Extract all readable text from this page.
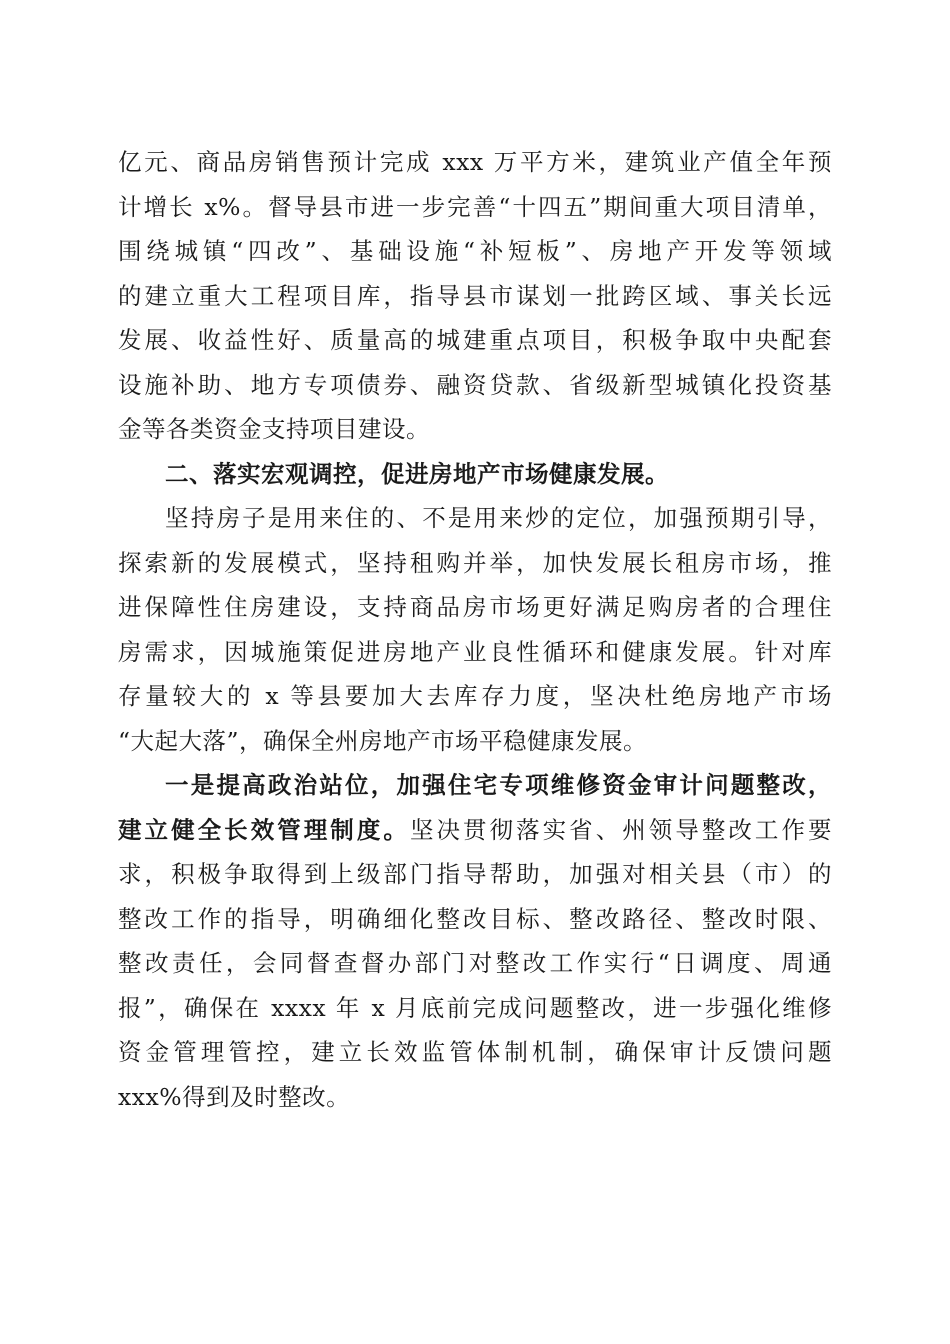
亿元、商品房销售预计完成 xxx 万平方米，建筑业产值全年预
计增长 x%。督导县市进一步完善“十四五”期间重大项目清单，
围绕城镇“四改”、基础设施“补短板”、房地产开发等领域
的建立重大工程项目库，指导县市谋划一批跨区域、事关长远
发展、收益性好、质量高的城建重点项目，积极争取中央配套
设施补助、地方专项债券、融资贷款、省级新型城镇化投资基
金等各类资金支持项目建设。
二、落实宏观调控，促进房地产市场健康发展。
坚持房子是用来住的、不是用来炒的定位，加强预期引导，
探索新的发展模式，坚持租购并举，加快发展长租房市场，推
进保障性住房建设，支持商品房市场更好满足购房者的合理住
房需求，因城施策促进房地产业良性循环和健康发展。针对库
存量较大的 x 等县要加大去库存力度，坚决杜绝房地产市场
“大起大落”，确保全州房地产市场平稳健康发展。
一是提高政治站位，加强住宅专项维修资金审计问题整改，
建立健全长效管理制度。坚决贯彻落实省、州领导整改工作要
求，积极争取得到上级部门指导帮助，加强对相关县（市）的
整改工作的指导，明确细化整改目标、整改路径、整改时限、
整改责任，会同督查督办部门对整改工作实行“日调度、周通
报”，确保在 xxxx 年 x 月底前完成问题整改，进一步强化维修
资金管理管控，建立长效监管体制机制，确保审计反馈问题
xxx%得到及时整改。
